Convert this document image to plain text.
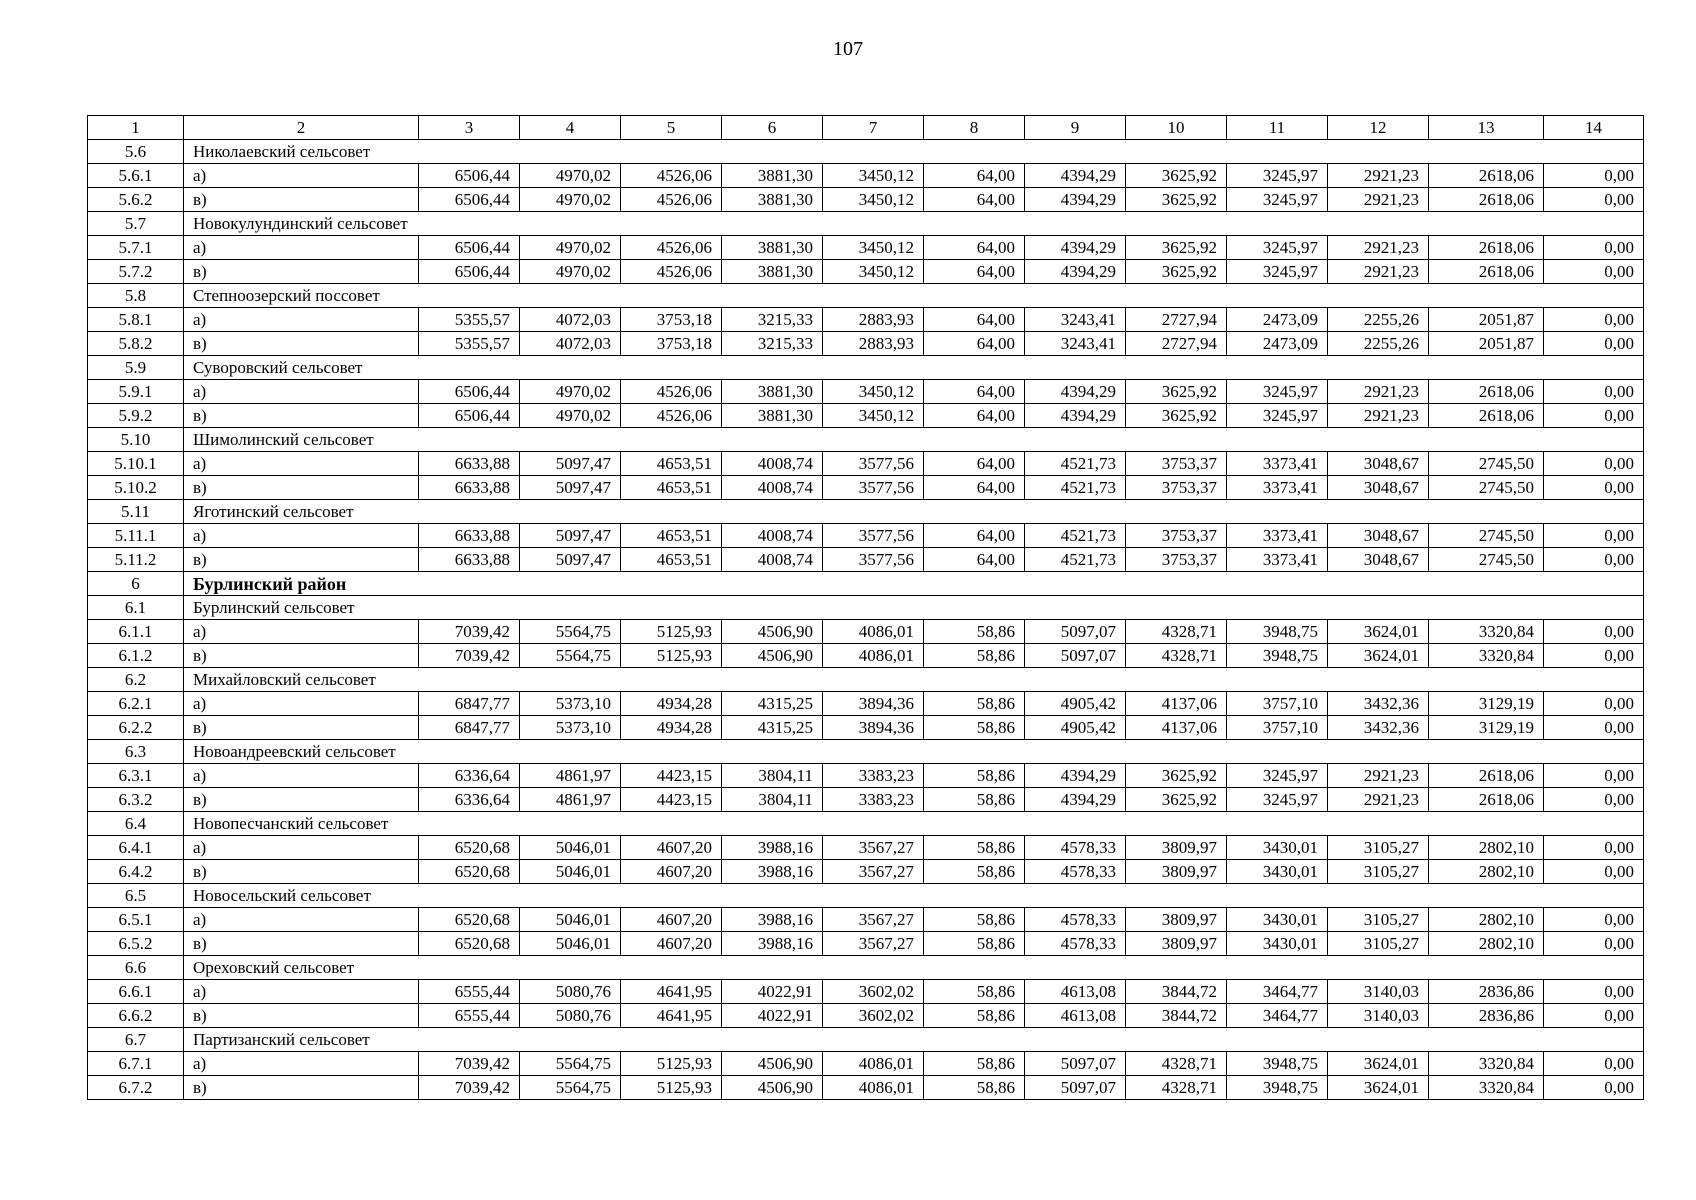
107
1	2	3	4	5	6	7	8	9	10	11	12	13	14
5.6	Николаевский сельсовет												
5.6.1	а)	6506,44	4970,02	4526,06	3881,30	3450,12	64,00	4394,29	3625,92	3245,97	2921,23	2618,06	0,00
5.6.2	в)	6506,44	4970,02	4526,06	3881,30	3450,12	64,00	4394,29	3625,92	3245,97	2921,23	2618,06	0,00
5.7	Новокулундинский сельсовет												
5.7.1	а)	6506,44	4970,02	4526,06	3881,30	3450,12	64,00	4394,29	3625,92	3245,97	2921,23	2618,06	0,00
5.7.2	в)	6506,44	4970,02	4526,06	3881,30	3450,12	64,00	4394,29	3625,92	3245,97	2921,23	2618,06	0,00
5.8	Степноозерский поссовет												
5.8.1	а)	5355,57	4072,03	3753,18	3215,33	2883,93	64,00	3243,41	2727,94	2473,09	2255,26	2051,87	0,00
5.8.2	в)	5355,57	4072,03	3753,18	3215,33	2883,93	64,00	3243,41	2727,94	2473,09	2255,26	2051,87	0,00
5.9	Суворовский сельсовет												
5.9.1	а)	6506,44	4970,02	4526,06	3881,30	3450,12	64,00	4394,29	3625,92	3245,97	2921,23	2618,06	0,00
5.9.2	в)	6506,44	4970,02	4526,06	3881,30	3450,12	64,00	4394,29	3625,92	3245,97	2921,23	2618,06	0,00
5.10	Шимолинский сельсовет												
5.10.1	а)	6633,88	5097,47	4653,51	4008,74	3577,56	64,00	4521,73	3753,37	3373,41	3048,67	2745,50	0,00
5.10.2	в)	6633,88	5097,47	4653,51	4008,74	3577,56	64,00	4521,73	3753,37	3373,41	3048,67	2745,50	0,00
5.11	Яготинский сельсовет												
5.11.1	а)	6633,88	5097,47	4653,51	4008,74	3577,56	64,00	4521,73	3753,37	3373,41	3048,67	2745,50	0,00
5.11.2	в)	6633,88	5097,47	4653,51	4008,74	3577,56	64,00	4521,73	3753,37	3373,41	3048,67	2745,50	0,00
6	Бурлинский район												
6.1	Бурлинский сельсовет												
6.1.1	а)	7039,42	5564,75	5125,93	4506,90	4086,01	58,86	5097,07	4328,71	3948,75	3624,01	3320,84	0,00
6.1.2	в)	7039,42	5564,75	5125,93	4506,90	4086,01	58,86	5097,07	4328,71	3948,75	3624,01	3320,84	0,00
6.2	Михайловский сельсовет												
6.2.1	а)	6847,77	5373,10	4934,28	4315,25	3894,36	58,86	4905,42	4137,06	3757,10	3432,36	3129,19	0,00
6.2.2	в)	6847,77	5373,10	4934,28	4315,25	3894,36	58,86	4905,42	4137,06	3757,10	3432,36	3129,19	0,00
6.3	Новоандреевский сельсовет												
6.3.1	а)	6336,64	4861,97	4423,15	3804,11	3383,23	58,86	4394,29	3625,92	3245,97	2921,23	2618,06	0,00
6.3.2	в)	6336,64	4861,97	4423,15	3804,11	3383,23	58,86	4394,29	3625,92	3245,97	2921,23	2618,06	0,00
6.4	Новопесчанский сельсовет												
6.4.1	а)	6520,68	5046,01	4607,20	3988,16	3567,27	58,86	4578,33	3809,97	3430,01	3105,27	2802,10	0,00
6.4.2	в)	6520,68	5046,01	4607,20	3988,16	3567,27	58,86	4578,33	3809,97	3430,01	3105,27	2802,10	0,00
6.5	Новосельский сельсовет												
6.5.1	а)	6520,68	5046,01	4607,20	3988,16	3567,27	58,86	4578,33	3809,97	3430,01	3105,27	2802,10	0,00
6.5.2	в)	6520,68	5046,01	4607,20	3988,16	3567,27	58,86	4578,33	3809,97	3430,01	3105,27	2802,10	0,00
6.6	Ореховский сельсовет												
6.6.1	а)	6555,44	5080,76	4641,95	4022,91	3602,02	58,86	4613,08	3844,72	3464,77	3140,03	2836,86	0,00
6.6.2	в)	6555,44	5080,76	4641,95	4022,91	3602,02	58,86	4613,08	3844,72	3464,77	3140,03	2836,86	0,00
6.7	Партизанский сельсовет												
6.7.1	а)	7039,42	5564,75	5125,93	4506,90	4086,01	58,86	5097,07	4328,71	3948,75	3624,01	3320,84	0,00
6.7.2	в)	7039,42	5564,75	5125,93	4506,90	4086,01	58,86	5097,07	4328,71	3948,75	3624,01	3320,84	0,00
